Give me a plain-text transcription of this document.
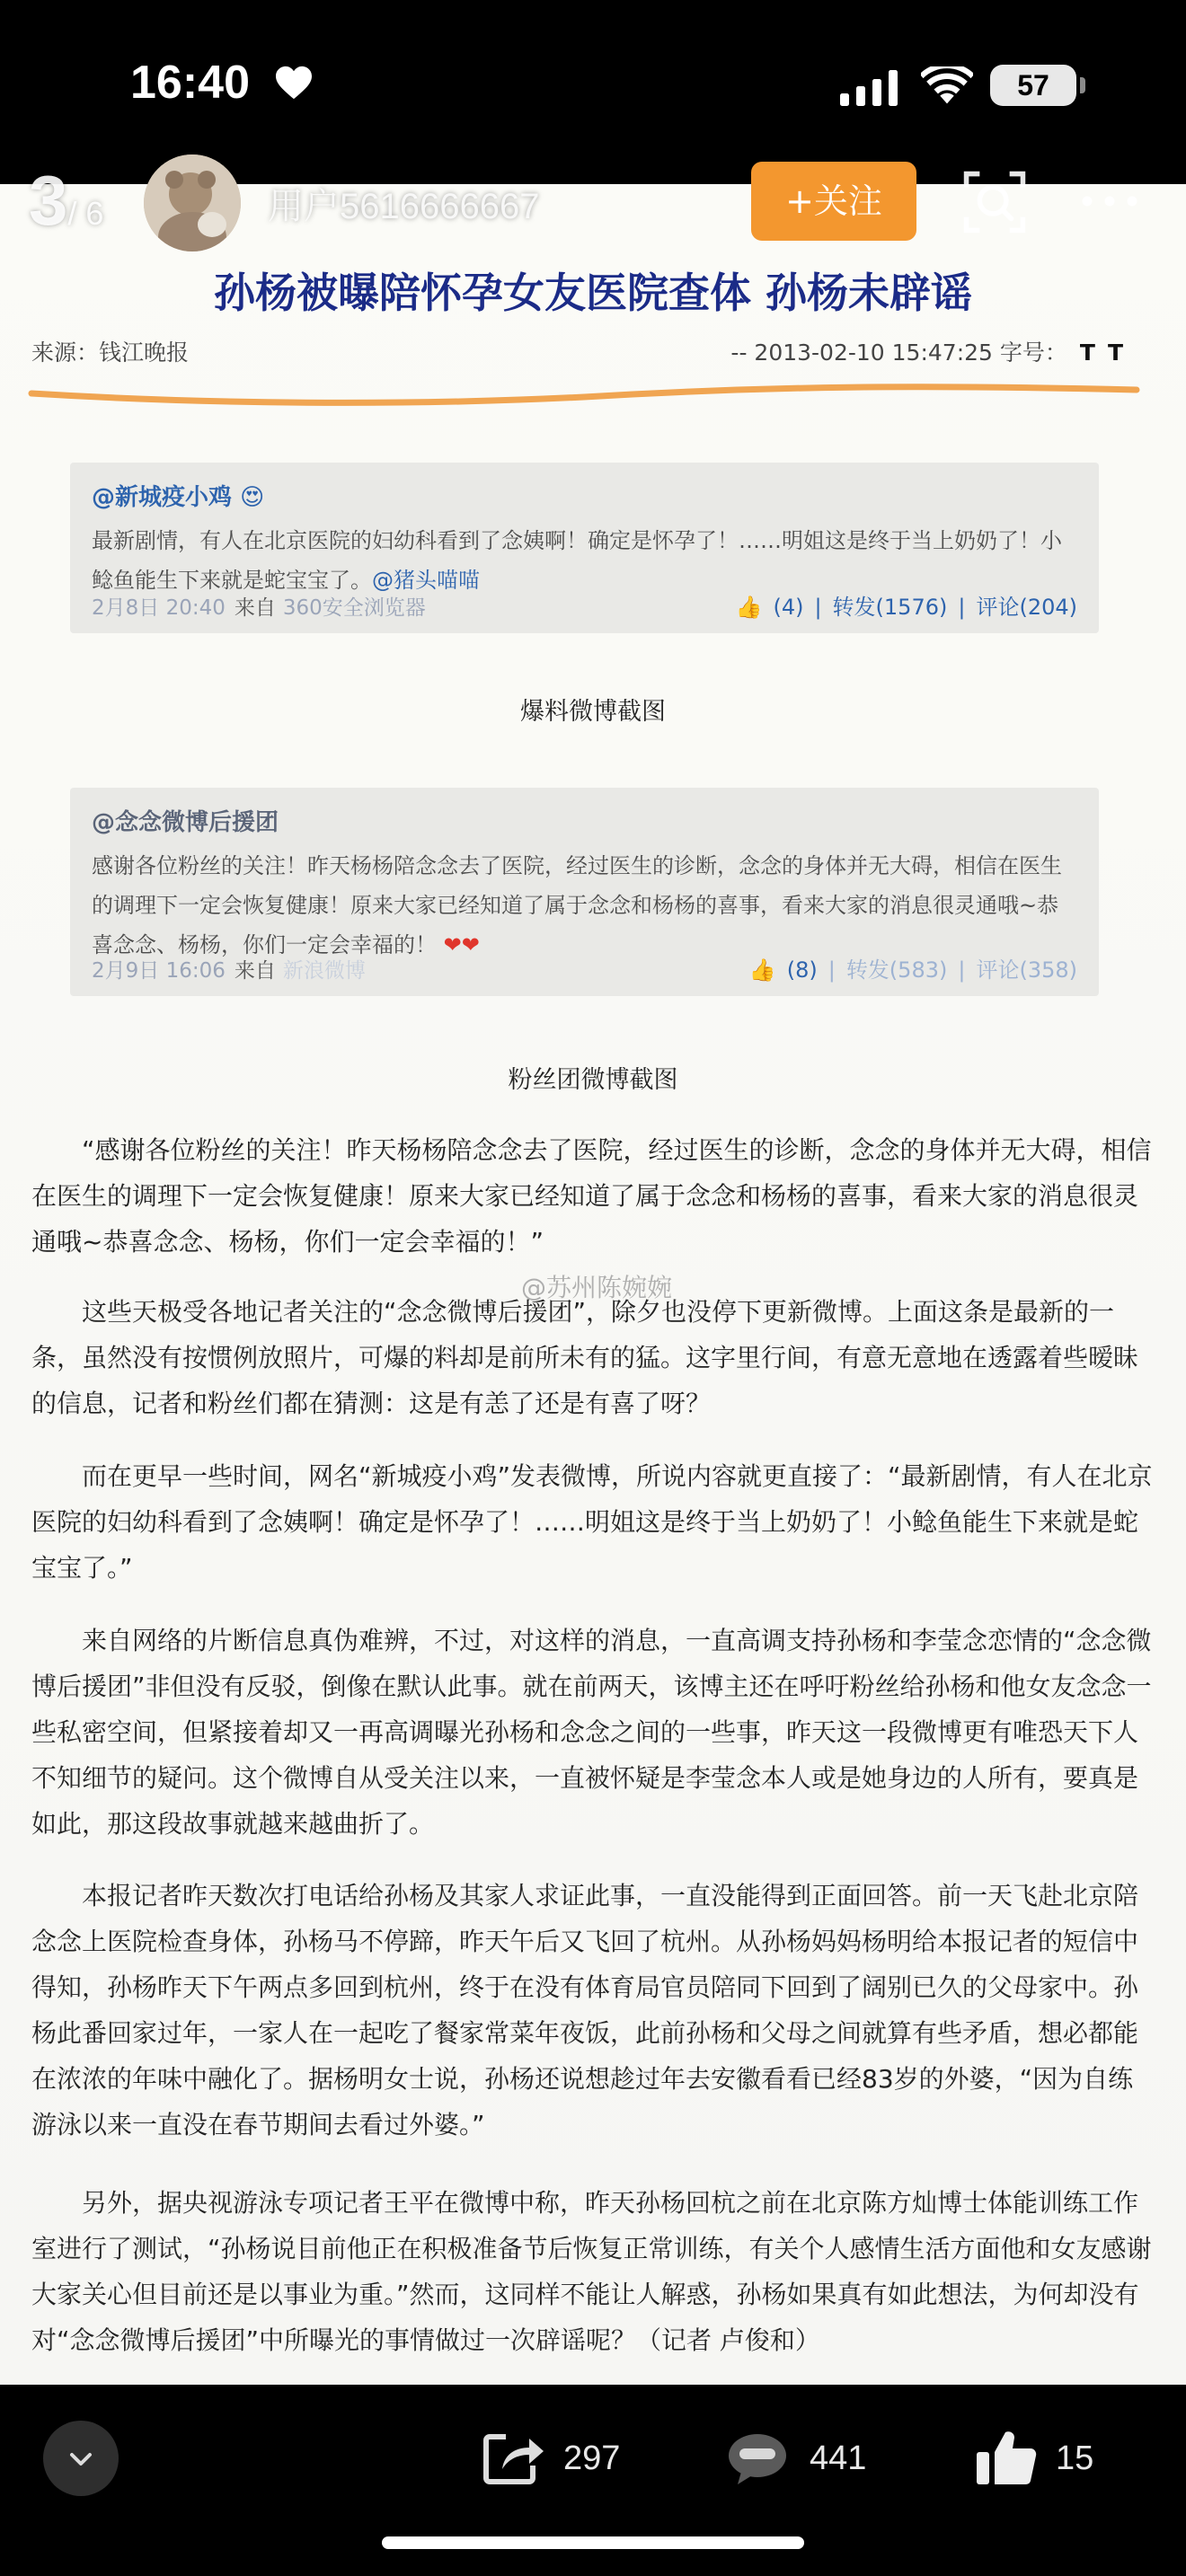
16:40	57
孙杨被曝陪怀孕女友医院查体 孙杨未辟谣
来源：钱江晚报	-- 2013-02-10 15:47:25 字号： T T
@新城疫小鸡 😍
最新剧情，有人在北京医院的妇幼科看到了念姨啊！确定是怀孕了！……明姐这是终于当上奶奶了！小鲶鱼能生下来就是蛇宝宝了。@猪头喵喵
2月8日 20:40 来自 360安全浏览器	👍 (4) | 转发(1576) | 评论(204)
爆料微博截图
@念念微博后援团
感谢各位粉丝的关注！昨天杨杨陪念念去了医院，经过医生的诊断，念念的身体并无大碍，相信在医生的调理下一定会恢复健康！原来大家已经知道了属于念念和杨杨的喜事，看来大家的消息很灵通哦~恭喜念念、杨杨，你们一定会幸福的！ ❤❤
2月9日 16:06 来自 新浪微博	👍 (8) | 转发(583) | 评论(358)
粉丝团微博截图
“感谢各位粉丝的关注！昨天杨杨陪念念去了医院，经过医生的诊断，念念的身体并无大碍，相信在医生的调理下一定会恢复健康！原来大家已经知道了属于念念和杨杨的喜事，看来大家的消息很灵通哦~恭喜念念、杨杨，你们一定会幸福的！”
这些天极受各地记者关注的“念念微博后援团”，除夕也没停下更新微博。上面这条是最新的一条，虽然没有按惯例放照片，可爆的料却是前所未有的猛。这字里行间，有意无意地在透露着些暧昧的信息，记者和粉丝们都在猜测：这是有恙了还是有喜了呀？
而在更早一些时间，网名“新城疫小鸡”发表微博，所说内容就更直接了：“最新剧情，有人在北京医院的妇幼科看到了念姨啊！确定是怀孕了！……明姐这是终于当上奶奶了！小鲶鱼能生下来就是蛇宝宝了。”
来自网络的片断信息真伪难辨，不过，对这样的消息，一直高调支持孙杨和李莹念恋情的“念念微博后援团”非但没有反驳，倒像在默认此事。就在前两天，该博主还在呼吁粉丝给孙杨和他女友念念一些私密空间，但紧接着却又一再高调曝光孙杨和念念之间的一些事，昨天这一段微博更有唯恐天下人不知细节的疑问。这个微博自从受关注以来，一直被怀疑是李莹念本人或是她身边的人所有，要真是如此，那这段故事就越来越曲折了。
本报记者昨天数次打电话给孙杨及其家人求证此事，一直没能得到正面回答。前一天飞赴北京陪念念上医院检查身体，孙杨马不停蹄，昨天午后又飞回了杭州。从孙杨妈妈杨明给本报记者的短信中得知，孙杨昨天下午两点多回到杭州，终于在没有体育局官员陪同下回到了阔别已久的父母家中。孙杨此番回家过年，一家人在一起吃了餐家常菜年夜饭，此前孙杨和父母之间就算有些矛盾，想必都能在浓浓的年味中融化了。据杨明女士说，孙杨还说想趁过年去安徽看看已经83岁的外婆，“因为自练游泳以来一直没在春节期间去看过外婆。”
另外，据央视游泳专项记者王平在微博中称，昨天孙杨回杭之前在北京陈方灿博士体能训练工作室进行了测试，“孙杨说目前他正在积极准备节后恢复正常训练，有关个人感情生活方面他和女友感谢大家关心但目前还是以事业为重。”然而，这同样不能让人解惑，孙杨如果真有如此想法，为何却没有对“念念微博后援团”中所曝光的事情做过一次辟谣呢？（记者 卢俊和）
@苏州陈婉婉
3/ 6	用户5616666667	+关注
297	441	15
